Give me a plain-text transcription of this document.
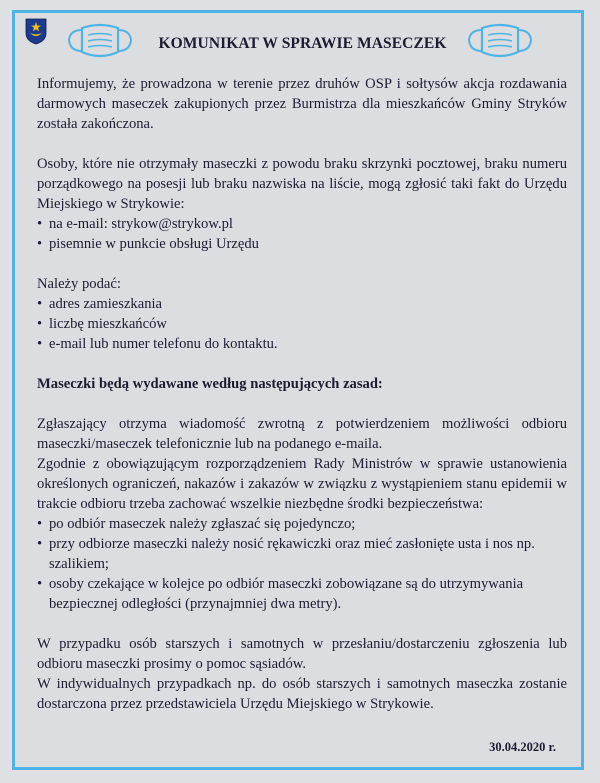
KOMUNIKAT W SPRAWIE MASECZEK

Informujemy, że prowadzona w terenie przez druhów OSP i sołtysów akcja rozdawania darmowych maseczek zakupionych przez Burmistrza dla mieszkańców Gminy Stryków została zakończona.

Osoby, które nie otrzymały maseczki z powodu braku skrzynki pocztowej, braku numeru porządkowego na posesji lub braku nazwiska na liście, mogą zgłosić taki fakt do Urzędu Miejskiego w Strykowie:

• na e-mail: strykow@strykow.pl
• pisemnie w punkcie obsługi Urzędu

Należy podać:

• adres zamieszkania
• liczbę mieszkańców
• e-mail lub numer telefonu do kontaktu.

Maseczki będą wydawane według następujących zasad:

Zgłaszający otrzyma wiadomość zwrotną z potwierdzeniem możliwości odbioru maseczki/maseczek telefonicznie lub na podanego e-maila.

Zgodnie z obowiązującym rozporządzeniem Rady Ministrów w sprawie ustanowienia określonych ograniczeń, nakazów i zakazów w związku z wystąpieniem stanu epidemii w trakcie odbioru trzeba zachować wszelkie niezbędne środki bezpieczeństwa:

• po odbiór maseczek należy zgłaszać się pojedynczo;
• przy odbiorze maseczki należy nosić rękawiczki oraz mieć zasłonięte usta i nos np. szalikiem;
• osoby czekające w kolejce po odbiór maseczki zobowiązane są do utrzymywania bezpiecznej odległości (przynajmniej dwa metry).

W przypadku osób starszych i samotnych w przesłaniu/dostarczeniu zgłoszenia lub odbioru maseczki prosimy o pomoc sąsiadów.

W indywidualnych przypadkach np. do osób starszych i samotnych maseczka zostanie dostarczona przez przedstawiciela Urzędu Miejskiego w Strykowie.

30.04.2020 r.
